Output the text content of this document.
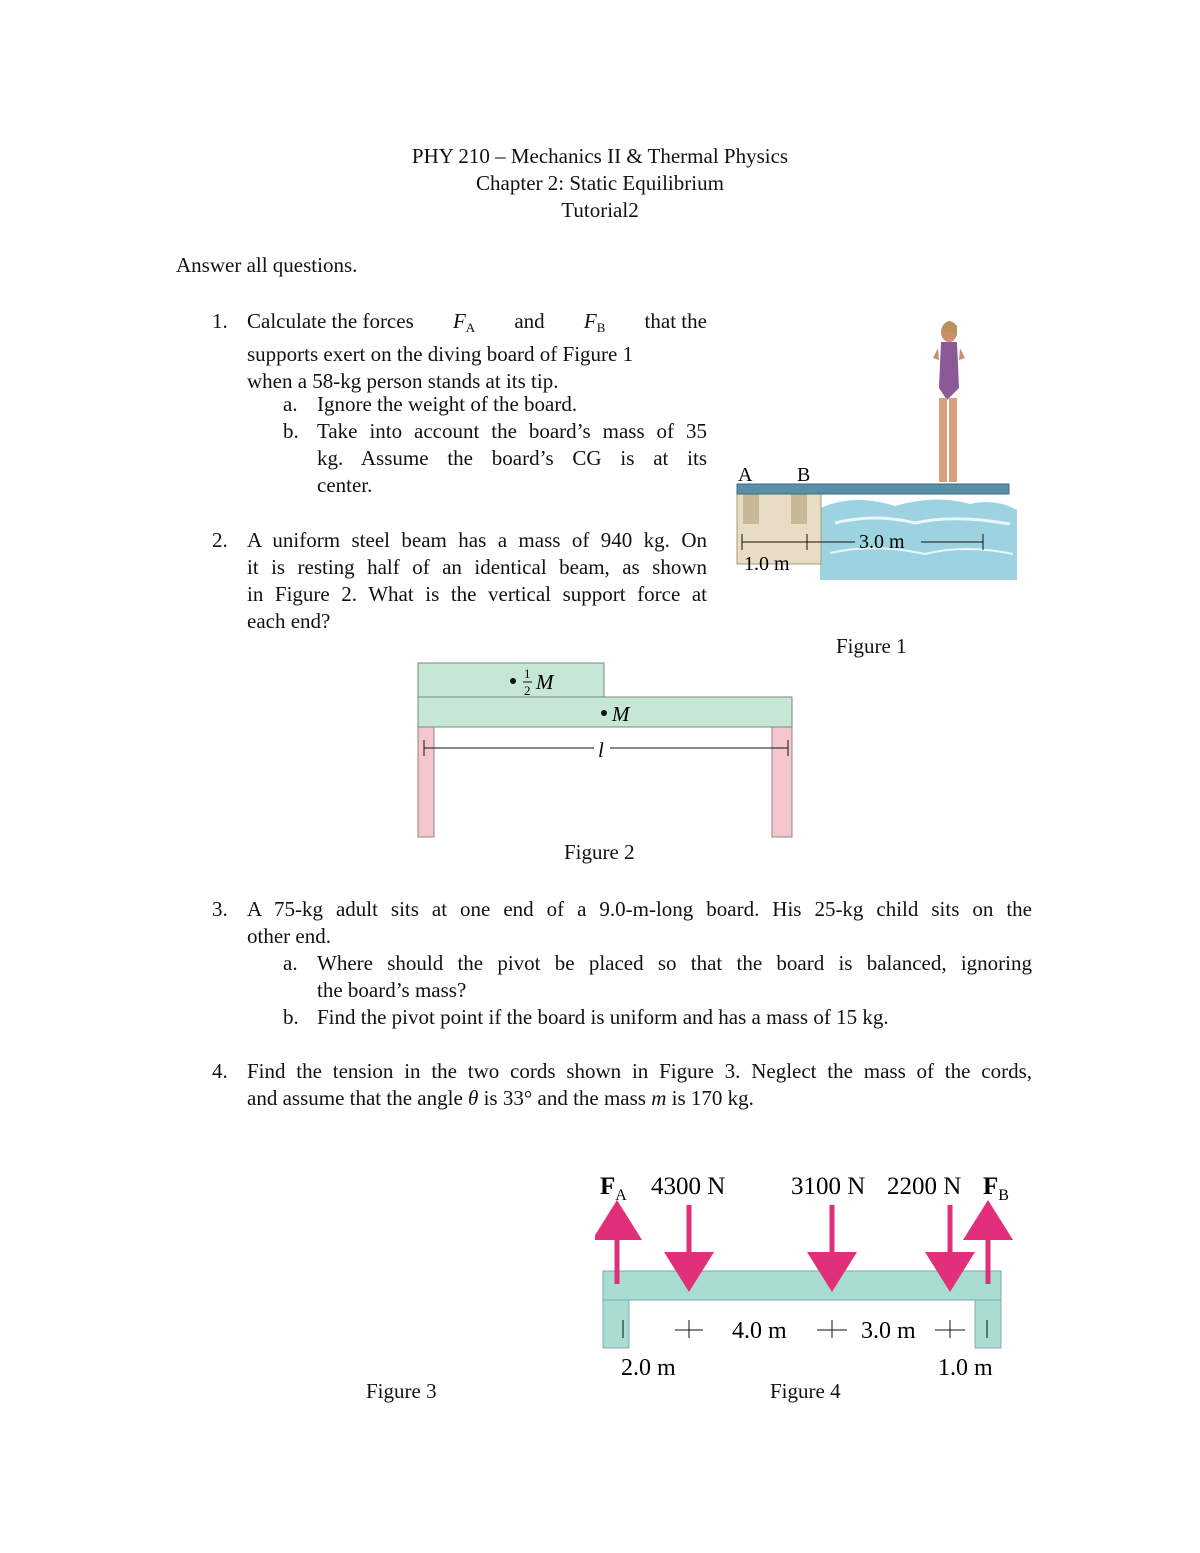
PHY 210 – Mechanics II & Thermal Physics
Chapter 2: Static Equilibrium
Tutorial2
Answer all questions.
1. Calculate the forces $F_A$ and $F_B$ that the
supports exert on the diving board of Figure 1
when a 58-kg person stands at its tip.
a. Ignore the weight of the board.
b. Take into account the board’s mass of 35
kg. Assume the board’s CG is at its
center.
2. A uniform steel beam has a mass of 940 kg. On
it is resting half of an identical beam, as shown
in Figure 2. What is the vertical support force at
each end?
A B
3.0 m
1.0 m
Figure 1
1
2 M
M
l
Figure 2
3. A 75-kg adult sits at one end of a 9.0-m-long board. His 25-kg child sits on the
other end.
a. Where should the pivot be placed so that the board is balanced, ignoring
the board’s mass?
b. Find the pivot point if the board is uniform and has a mass of 15 kg.
4. Find the tension in the two cords shown in Figure 3. Neglect the mass of the cords,
and assume that the angle θ is 33° and the mass m is 170 kg.
Figure 3
$F_A$ 4300 N	3100 N 2200 N $F_B$
4.0 m	3.0 m
2.0 m	1.0 m
Figure 4
